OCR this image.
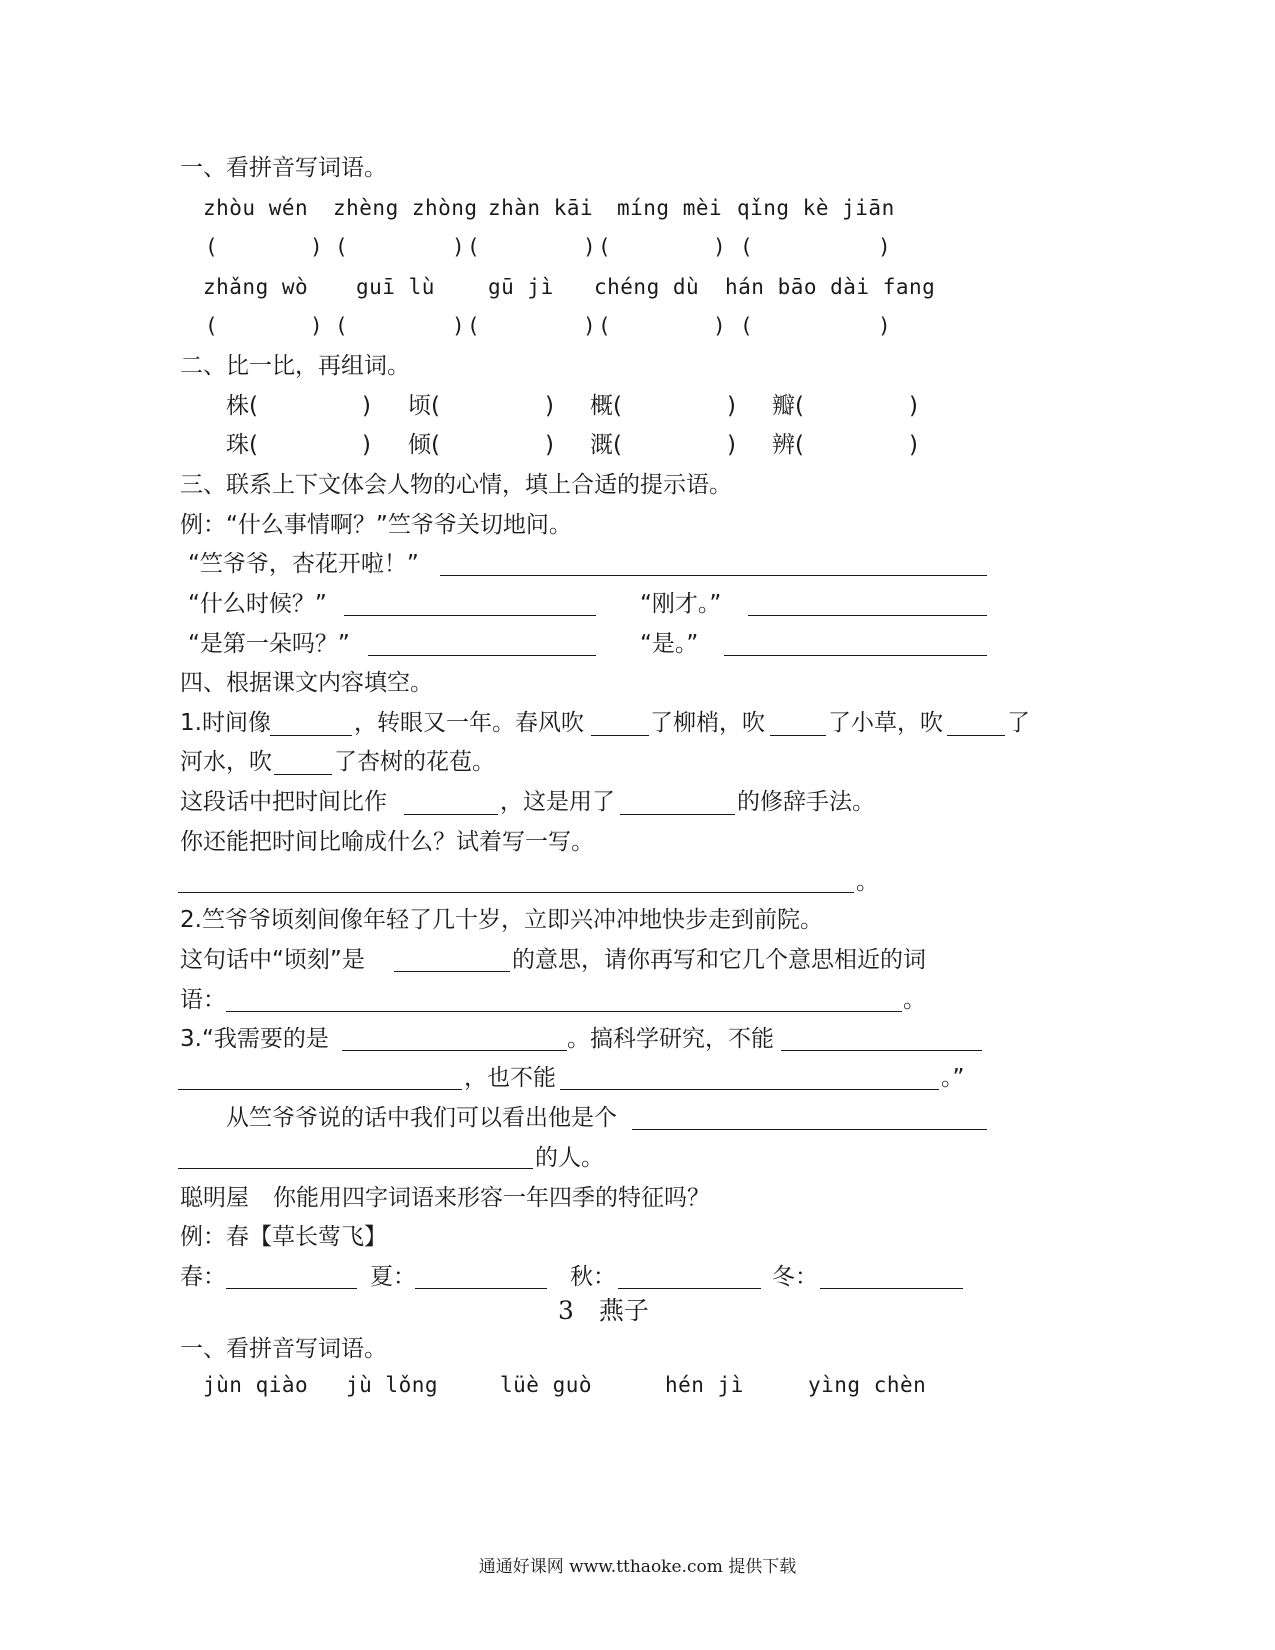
一、看拼音写词语。
zhòu wén zhèng zhòng zhàn kāi míng mèi qǐng kè jiān
(	) (	) (	) (	) (	)
zhǎng wò guī lù	gū jì chéng dù hán bāo dài fang
(	) (	) (	) (	) (	)
二、比一比，再组词。
株(	) 顷(	) 概(	) 瓣(	)
珠(	) 倾(	) 溉(	) 辨(	)
三、联系上下文体会人物的心情，填上合适的提示语。
例：“什么事情啊？”竺爷爷关切地问。
“竺爷爷，杏花开啦！”
“什么时候？”	“刚才。”
“是第一朵吗？”	“是。”
四、根据课文内容填空。
1.时间像	，转眼又一年。春风吹	了柳梢，吹	了小草，吹	了
河水，吹	了杏树的花苞。
这段话中把时间比作	，这是用了	的修辞手法。
你还能把时间比喻成什么？试着写一写。
。
2.竺爷爷顷刻间像年轻了几十岁，立即兴冲冲地快步走到前院。
这句话中“顷刻”是	的意思，请你再写和它几个意思相近的词
语：	。
3.“我需要的是	。搞科学研究，不能
，也不能	。”
从竺爷爷说的话中我们可以看出他是个
的人。
聪明屋 你能用四字词语来形容一年四季的特征吗？
例：春【草长莺飞】
春：	夏：	秋：	冬：
3　燕子
一、看拼音写词语。
jùn qiào jù lǒng	lüè guò	hén jì	yìng chèn
通通好课网 www.tthaoke.com 提供下载
